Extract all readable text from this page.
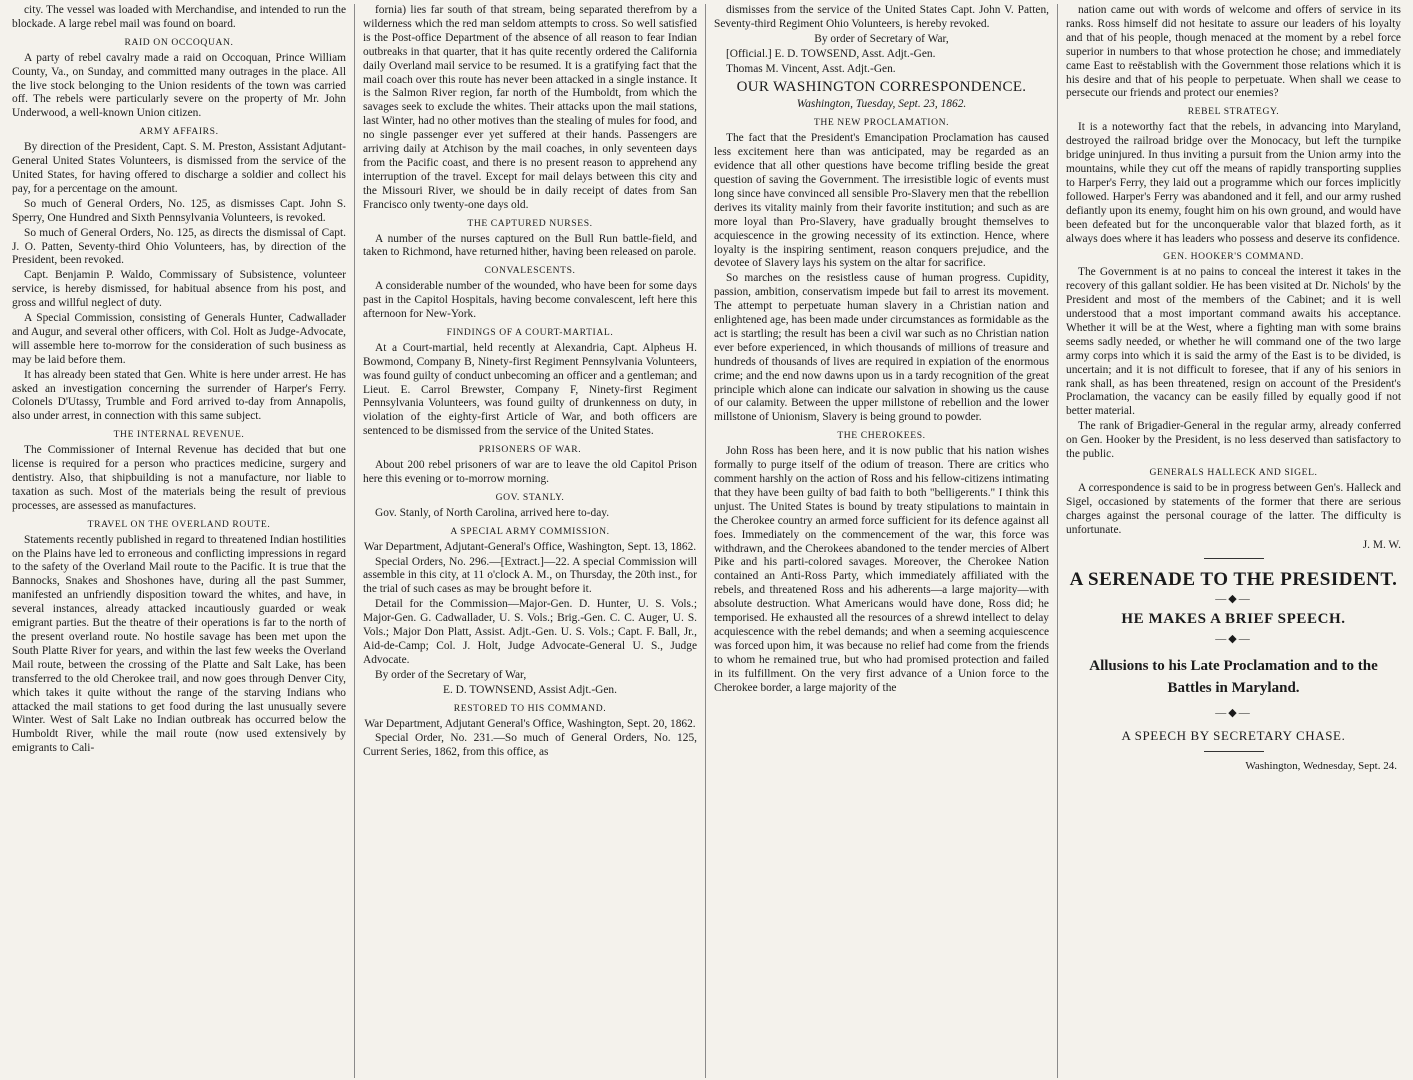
city. The vessel was loaded with Merchandise, and intended to run the blockade. A large rebel mail was found on board.

RAID ON OCCOQUAN.

A party of rebel cavalry made a raid on Occoquan, Prince William County, Va., on Sunday, and committed many outrages in the place. All the live stock belonging to the Union residents of the town was carried off. The rebels were particularly severe on the property of Mr. John Underwood, a well-known Union citizen.

ARMY AFFAIRS.

By direction of the President, Capt. S. M. Preston, Assistant Adjutant-General United States Volunteers, is dismissed from the service of the United States, for having offered to discharge a soldier and collect his pay, for a percentage on the amount.

So much of General Orders, No. 125, as dismisses Capt. John S. Sperry, One Hundred and Sixth Pennsylvania Volunteers, is revoked.

So much of General Orders, No. 125, as directs the dismissal of Capt. J. O. Patten, Seventy-third Ohio Volunteers, has, by direction of the President, been revoked.

Capt. Benjamin P. Waldo, Commissary of Subsistence, volunteer service, is hereby dismissed, for habitual absence from his post, and gross and willful neglect of duty.

A Special Commission, consisting of Generals Hunter, Cadwallader and Augur, and several other officers, with Col. Holt as Judge-Advocate, will assemble here to-morrow for the consideration of such business as may be laid before them.

It has already been stated that Gen. White is here under arrest. He has asked an investigation concerning the surrender of Harper's Ferry. Colonels D'Utassy, Trumble and Ford arrived to-day from Annapolis, also under arrest, in connection with this same subject.

THE INTERNAL REVENUE.

The Commissioner of Internal Revenue has decided that but one license is required for a person who practices medicine, surgery and dentistry. Also, that shipbuilding is not a manufacture, nor liable to taxation as such. Most of the materials being the result of previous processes, are assessed as manufactures.

TRAVEL ON THE OVERLAND ROUTE.

Statements recently published in regard to threatened Indian hostilities on the Plains have led to erroneous and conflicting impressions in regard to the safety of the Overland Mail route to the Pacific. It is true that the Bannocks, Snakes and Shoshones have, during all the past Summer, manifested an unfriendly disposition toward the whites, and have, in several instances, already attacked incautiously guarded or weak emigrant parties. But the theatre of their operations is far to the north of the present overland route. No hostile savage has been met upon the South Platte River for years, and within the last few weeks the Overland Mail route, between the crossing of the Platte and Salt Lake, has been transferred to the old Cherokee trail, and now goes through Denver City, which takes it quite without the range of the starving Indians who attacked the mail stations to get food during the last unusually severe Winter. West of Salt Lake no Indian outbreak has occurred below the Humboldt River, while the mail route (now used extensively by emigrants to Cali-

fornia) lies far south of that stream, being separated therefrom by a wilderness which the red man seldom attempts to cross. So well satisfied is the Post-office Department of the absence of all reason to fear Indian outbreaks in that quarter, that it has quite recently ordered the California daily Overland mail service to be resumed. It is a gratifying fact that the mail coach over this route has never been attacked in a single instance. It is the Salmon River region, far north of the Humboldt, from which the savages seek to exclude the whites. Their attacks upon the mail stations, last Winter, had no other motives than the stealing of mules for food, and no single passenger ever yet suffered at their hands. Passengers are arriving daily at Atchison by the mail coaches, in only seventeen days from the Pacific coast, and there is no present reason to apprehend any interruption of the travel. Except for mail delays between this city and the Missouri River, we should be in daily receipt of dates from San Francisco only twenty-one days old.

THE CAPTURED NURSES.

A number of the nurses captured on the Bull Run battle-field, and taken to Richmond, have returned hither, having been released on parole.

CONVALESCENTS.

A considerable number of the wounded, who have been for some days past in the Capitol Hospitals, having become convalescent, left here this afternoon for New-York.

FINDINGS OF A COURT-MARTIAL.

At a Court-martial, held recently at Alexandria, Capt. Alpheus H. Bowmond, Company B, Ninety-first Regiment Pennsylvania Volunteers, was found guilty of conduct unbecoming an officer and a gentleman; and Lieut. E. Carrol Brewster, Company F, Ninety-first Regiment Pennsylvania Volunteers, was found guilty of drunkenness on duty, in violation of the eighty-first Article of War, and both officers are sentenced to be dismissed from the service of the United States.

PRISONERS OF WAR.

About 200 rebel prisoners of war are to leave the old Capitol Prison here this evening or to-morrow morning.

GOV. STANLY.

Gov. Stanly, of North Carolina, arrived here to-day.

A SPECIAL ARMY COMMISSION.

War Department, Adjutant-General's Office, Washington, Sept. 13, 1862.

Special Orders, No. 296.—[Extract.]—22. A special Commission will assemble in this city, at 11 o'clock A. M., on Thursday, the 20th inst., for the trial of such cases as may be brought before it.

Detail for the Commission—Major-Gen. D. Hunter, U. S. Vols.; Major-Gen. G. Cadwallader, U. S. Vols.; Brig.-Gen. C. C. Auger, U. S. Vols.; Major Don Platt, Assist. Adjt.-Gen. U. S. Vols.; Capt. F. Ball, Jr., Aid-de-Camp; Col. J. Holt, Judge Advocate-General U. S., Judge Advocate.

By order of the Secretary of War,

E. D. TOWNSEND, Assist Adjt.-Gen.

RESTORED TO HIS COMMAND.

War Department, Adjutant General's Office, Washington, Sept. 20, 1862.

Special Order, No. 231.—So much of General Orders, No. 125, Current Series, 1862, from this office, as

dismisses from the service of the United States Capt. John V. Patten, Seventy-third Regiment Ohio Volunteers, is hereby revoked.

By order of Secretary of War,

[Official.] E. D. TOWSEND, Asst. Adjt.-Gen.

Thomas M. Vincent, Asst. Adjt.-Gen.

OUR WASHINGTON CORRESPONDENCE.

Washington, Tuesday, Sept. 23, 1862.

THE NEW PROCLAMATION.

The fact that the President's Emancipation Proclamation has caused less excitement here than was anticipated, may be regarded as an evidence that all other questions have become trifling beside the great question of saving the Government. The irresistible logic of events must long since have convinced all sensible Pro-Slavery men that the rebellion derives its vitality mainly from their favorite institution; and such as are more loyal than Pro-Slavery, have gradually brought themselves to acquiescence in the growing necessity of its extinction. Hence, where loyalty is the inspiring sentiment, reason conquers prejudice, and the devotee of Slavery lays his system on the altar for sacrifice.

So marches on the resistless cause of human progress. Cupidity, passion, ambition, conservatism impede but fail to arrest its movement. The attempt to perpetuate human slavery in a Christian nation and enlightened age, has been made under circumstances as formidable as the act is startling; the result has been a civil war such as no Christian nation ever before experienced, in which thousands of millions of treasure and hundreds of thousands of lives are required in expiation of the enormous crime; and the end now dawns upon us in a tardy recognition of the great principle which alone can indicate our salvation in showing us the cause of our calamity. Between the upper millstone of rebellion and the lower millstone of Unionism, Slavery is being ground to powder.

THE CHEROKEES.

John Ross has been here, and it is now public that his nation wishes formally to purge itself of the odium of treason. There are critics who comment harshly on the action of Ross and his fellow-citizens intimating that they have been guilty of bad faith to both "belligerents." I think this unjust. The United States is bound by treaty stipulations to maintain in the Cherokee country an armed force sufficient for its defence against all foes. Immediately on the commencement of the war, this force was withdrawn, and the Cherokees abandoned to the tender mercies of Albert Pike and his parti-colored savages. Moreover, the Cherokee Nation contained an Anti-Ross Party, which immediately affiliated with the rebels, and threatened Ross and his adherents—a large majority—with absolute destruction. What Americans would have done, Ross did; he temporised. He exhausted all the resources of a shrewd intellect to delay acquiescence with the rebel demands; and when a seeming acquiescence was forced upon him, it was because no relief had come from the friends to whom he remained true, but who had promised protection and failed in its fulfillment. On the very first advance of a Union force to the Cherokee border, a large majority of the

nation came out with words of welcome and offers of service in its ranks. Ross himself did not hesitate to assure our leaders of his loyalty and that of his people, though menaced at the moment by a rebel force superior in numbers to that whose protection he chose; and immediately came East to reëstablish with the Government those relations which it is his desire and that of his people to perpetuate. When shall we cease to persecute our friends and protect our enemies?

REBEL STRATEGY.

It is a noteworthy fact that the rebels, in advancing into Maryland, destroyed the railroad bridge over the Monocacy, but left the turnpike bridge uninjured. In thus inviting a pursuit from the Union army into the mountains, while they cut off the means of rapidly transporting supplies to Harper's Ferry, they laid out a programme which our forces implicitly followed. Harper's Ferry was abandoned and it fell, and our army rushed defiantly upon its enemy, fought him on his own ground, and would have been defeated but for the unconquerable valor that blazed forth, as it always does where it has leaders who possess and deserve its confidence.

GEN. HOOKER'S COMMAND.

The Government is at no pains to conceal the interest it takes in the recovery of this gallant soldier. He has been visited at Dr. Nichols' by the President and most of the members of the Cabinet; and it is well understood that a most important command awaits his acceptance. Whether it will be at the West, where a fighting man with some brains seems sadly needed, or whether he will command one of the two large army corps into which it is said the army of the East is to be divided, is uncertain; and it is not difficult to foresee, that if any of his seniors in rank shall, as has been threatened, resign on account of the President's Proclamation, the vacancy can be easily filled by equally good if not better material.

The rank of Brigadier-General in the regular army, already conferred on Gen. Hooker by the President, is no less deserved than satisfactory to the public.

GENERALS HALLECK AND SIGEL.

A correspondence is said to be in progress between Gen's. Halleck and Sigel, occasioned by statements of the former that there are serious charges against the personal courage of the latter. The difficulty is unfortunate.

J. M. W.

A SERENADE TO THE PRESIDENT.
—◆—
HE MAKES A BRIEF SPEECH.
—◆—
Allusions to his Late Proclamation and to the Battles in Maryland.
—◆—
A SPEECH BY SECRETARY CHASE.
Washington, Wednesday, Sept. 24.
